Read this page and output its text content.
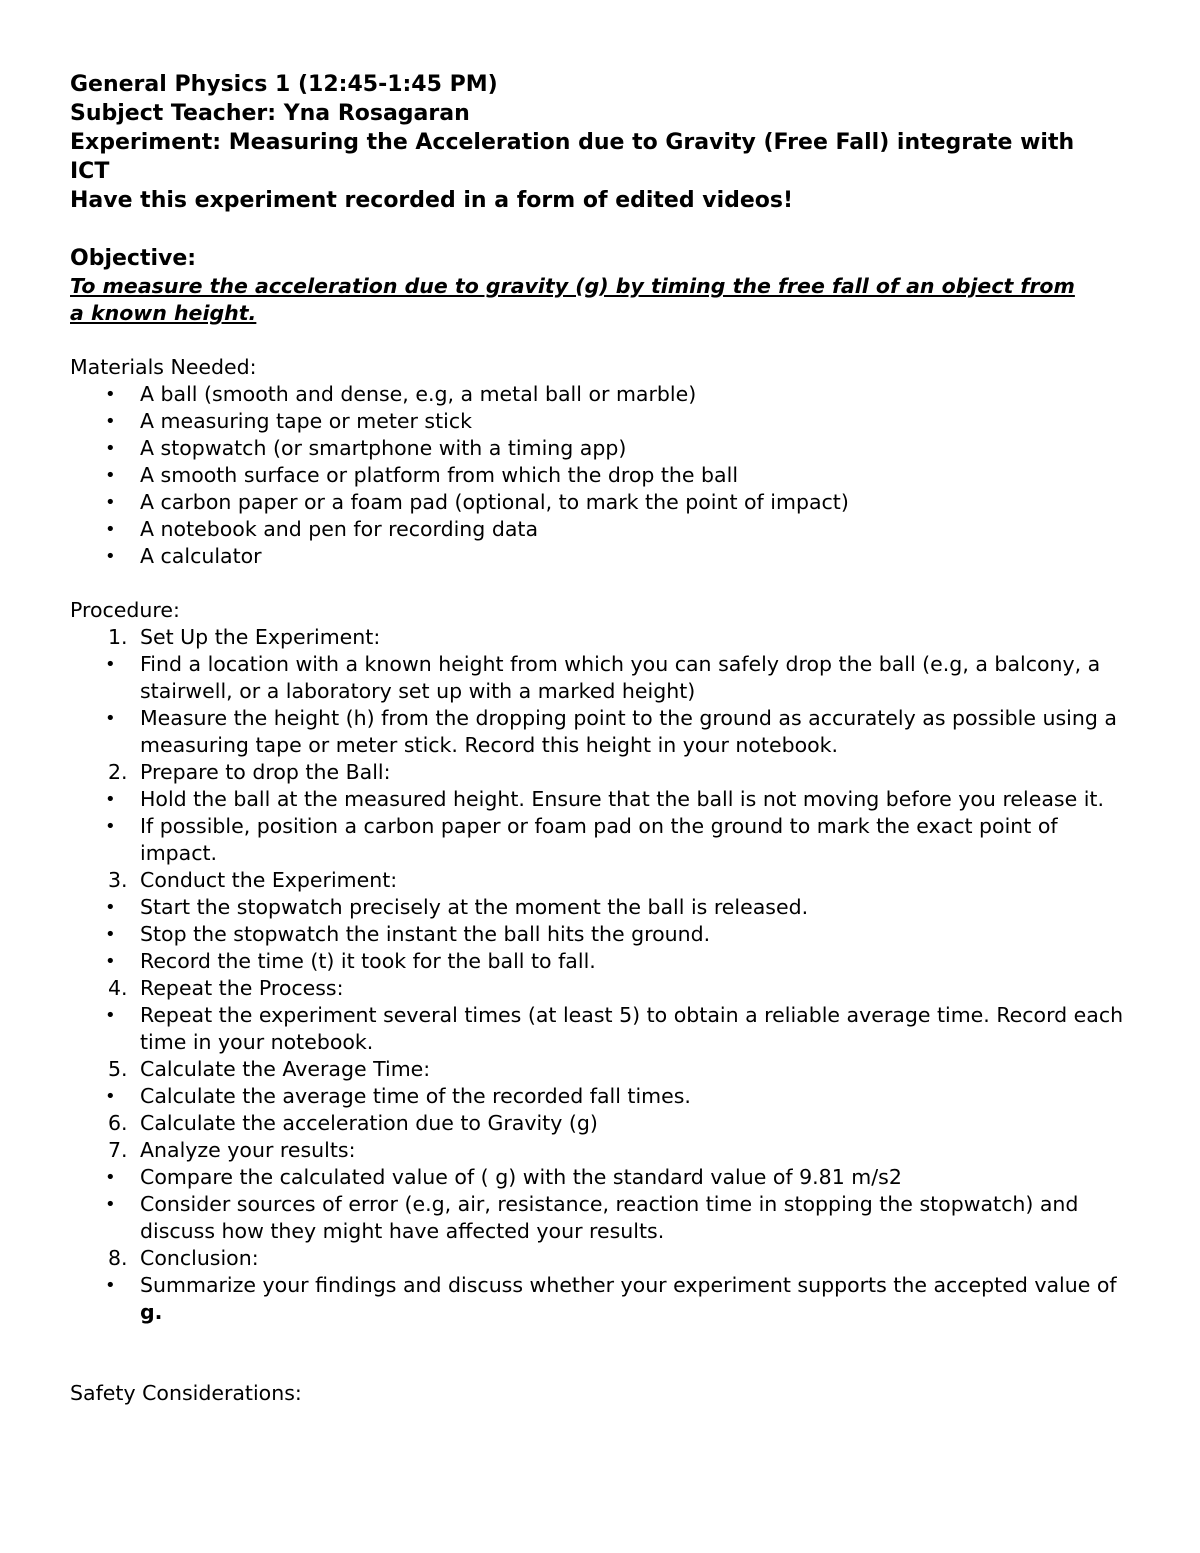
General Physics 1 (12:45-1:45 PM)

Subject Teacher: Yna Rosagaran

Experiment: Measuring the Acceleration due to Gravity (Free Fall) integrate with ICT

Have this experiment recorded in a form of edited videos!

Objective:

To measure the acceleration due to gravity (g) by timing the free fall of an object from a known height.

Materials Needed:

•	A ball (smooth and dense, e.g, a metal ball or marble)
•	A measuring tape or meter stick
•	A stopwatch (or smartphone with a timing app)
•	A smooth surface or platform from which the drop the ball
•	A carbon paper or a foam pad (optional, to mark the point of impact)
•	A notebook and pen for recording data
•	A calculator

Procedure:

1. Set Up the Experiment:
•	Find a location with a known height from which you can safely drop the ball (e.g, a balcony, a stairwell, or a laboratory set up with a marked height)
•	Measure the height (h) from the dropping point to the ground as accurately as possible using a measuring tape or meter stick. Record this height in your notebook.
2. Prepare to drop the Ball:
•	Hold the ball at the measured height. Ensure that the ball is not moving before you release it.
•	If possible, position a carbon paper or foam pad on the ground to mark the exact point of impact.
3. Conduct the Experiment:
•	Start the stopwatch precisely at the moment the ball is released.
•	Stop the stopwatch the instant the ball hits the ground.
•	Record the time (t) it took for the ball to fall.
4. Repeat the Process:
•	Repeat the experiment several times (at least 5) to obtain a reliable average time. Record each time in your notebook.
5. Calculate the Average Time:
•	Calculate the average time of the recorded fall times.
6. Calculate the acceleration due to Gravity (g)
7. Analyze your results:
•	Compare the calculated value of ( g) with the standard value of 9.81 m/s2
•	Consider sources of error (e.g, air, resistance, reaction time in stopping the stopwatch) and discuss how they might have affected your results.
8. Conclusion:
•	Summarize your findings and discuss whether your experiment supports the accepted value of g.

Safety Considerations:
